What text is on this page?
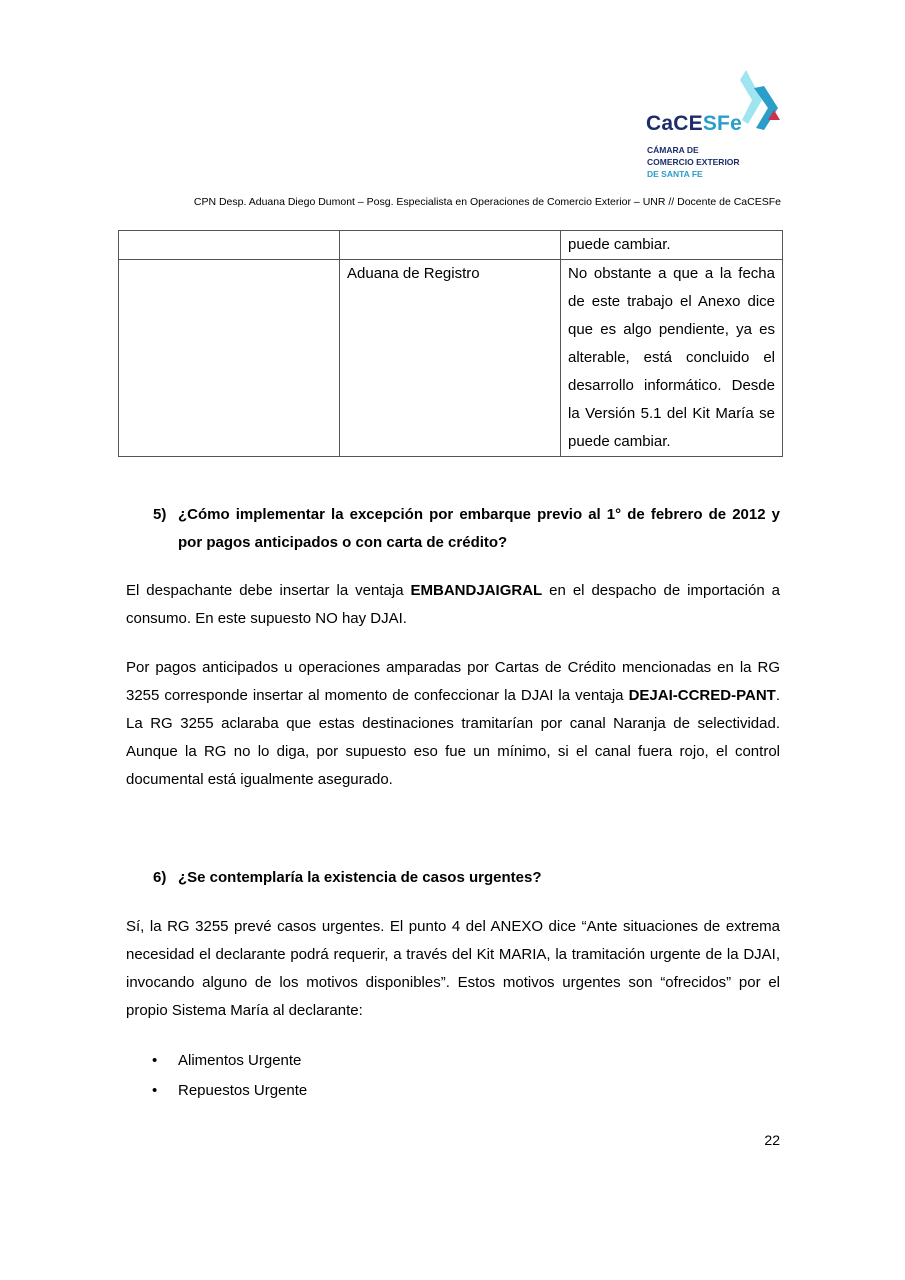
CaCESFe
CÁMARA DE
COMERCIO EXTERIOR
DE SANTA FE
CPN Desp. Aduana Diego Dumont – Posg. Especialista en Operaciones de Comercio Exterior – UNR // Docente de CaCESFe
		puede cambiar.
	Aduana de Registro	No obstante a que a la fecha de este trabajo el Anexo dice que es algo pendiente, ya es alterable, está concluido el desarrollo informático. Desde la Versión 5.1 del Kit María se puede cambiar.
5) ¿Cómo implementar la excepción por embarque previo al 1° de febrero de 2012 y por pagos anticipados o con carta de crédito?

El despachante debe insertar la ventaja EMBANDJAIGRAL en el despacho de importación a consumo. En este supuesto NO hay DJAI.

Por pagos anticipados u operaciones amparadas por Cartas de Crédito mencionadas en la RG 3255 corresponde insertar al momento de confeccionar la DJAI la ventaja DEJAI-CCRED-PANT. La RG 3255 aclaraba que estas destinaciones tramitarían por canal Naranja de selectividad. Aunque la RG no lo diga, por supuesto eso fue un mínimo, si el canal fuera rojo, el control documental está igualmente asegurado.

6) ¿Se contemplaría la existencia de casos urgentes?

Sí, la RG 3255 prevé casos urgentes. El punto 4 del ANEXO dice “Ante situaciones de extrema necesidad el declarante podrá requerir, a través del Kit MARIA, la tramitación urgente de la DJAI, invocando alguno de los motivos disponibles”. Estos motivos urgentes son “ofrecidos” por el propio Sistema María al declarante:

• Alimentos Urgente
• Repuestos Urgente
22
